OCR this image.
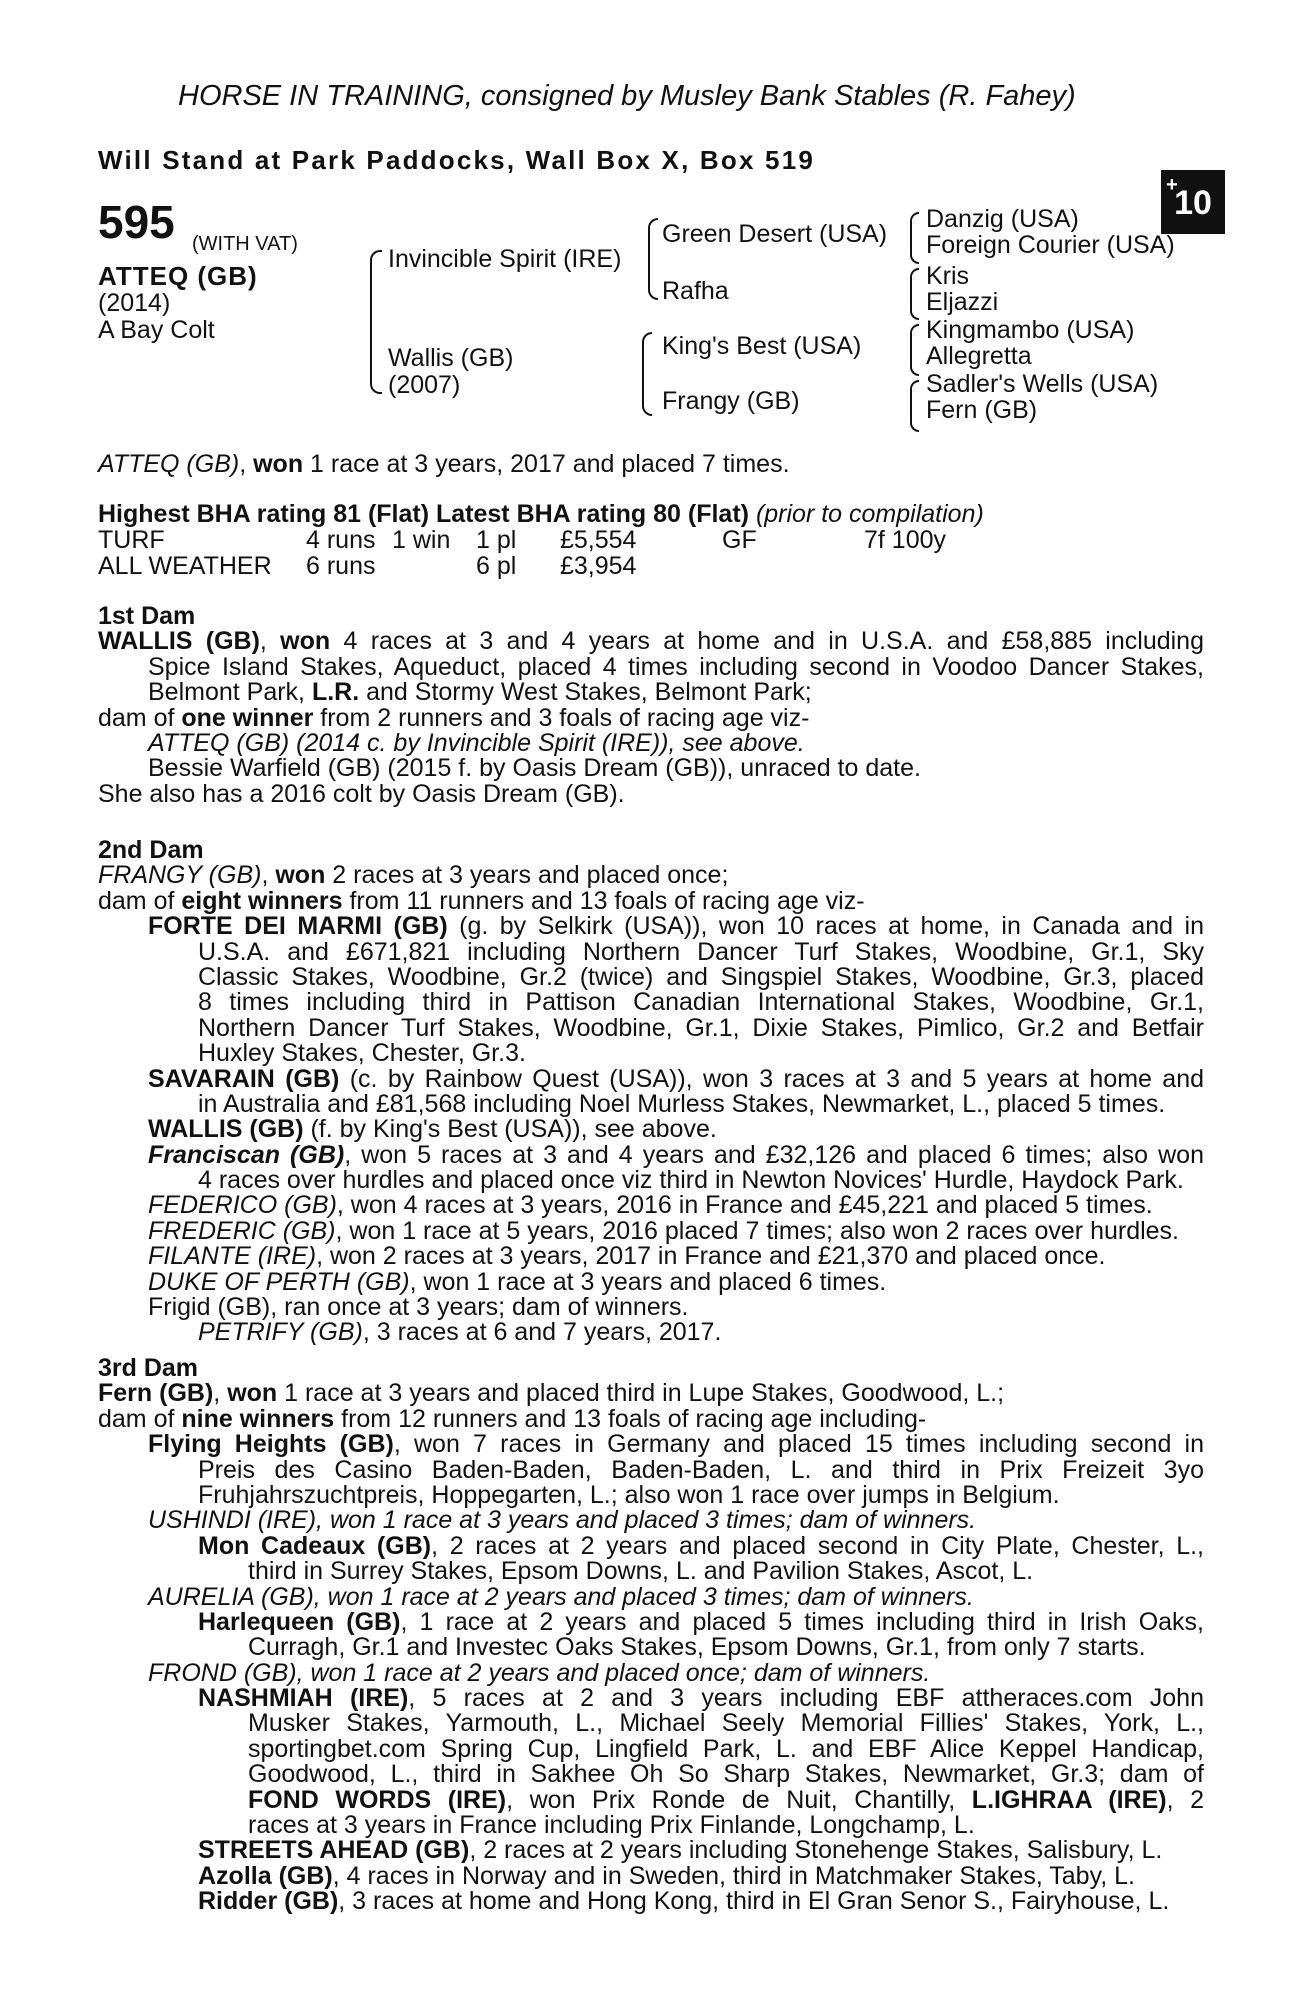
HORSE IN TRAINING, consigned by Musley Bank Stables (R. Fahey)
Will Stand at Park Paddocks, Wall Box X, Box 519
+
10
595 (WITH VAT)
ATTEQ (GB)
(2014)
A Bay Colt
Invincible Spirit (IRE)
Wallis (GB)
(2007)
Green Desert (USA)
Rafha
King's Best (USA)
Frangy (GB)
Danzig (USA)
Foreign Courier (USA)
Kris
Eljazzi
Kingmambo (USA)
Allegretta
Sadler's Wells (USA)
Fern (GB)
ATTEQ (GB), won 1 race at 3 years, 2017 and placed 7 times.
Highest BHA rating 81 (Flat) Latest BHA rating 80 (Flat) (prior to compilation)
TURF	4 runs 1 win 1 pl £5,554	GF	7f 100y
ALL WEATHER 6 runs	6 pl £3,954
1st Dam
WALLIS (GB), won 4 races at 3 and 4 years at home and in U.S.A. and £58,885 including
Spice Island Stakes, Aqueduct, placed 4 times including second in Voodoo Dancer Stakes,
Belmont Park, L.R. and Stormy West Stakes, Belmont Park;
dam of one winner from 2 runners and 3 foals of racing age viz-
ATTEQ (GB) (2014 c. by Invincible Spirit (IRE)), see above.
Bessie Warfield (GB) (2015 f. by Oasis Dream (GB)), unraced to date.
She also has a 2016 colt by Oasis Dream (GB).
2nd Dam
FRANGY (GB), won 2 races at 3 years and placed once;
dam of eight winners from 11 runners and 13 foals of racing age viz-
FORTE DEI MARMI (GB) (g. by Selkirk (USA)), won 10 races at home, in Canada and in
U.S.A. and £671,821 including Northern Dancer Turf Stakes, Woodbine, Gr.1, Sky
Classic Stakes, Woodbine, Gr.2 (twice) and Singspiel Stakes, Woodbine, Gr.3, placed
8 times including third in Pattison Canadian International Stakes, Woodbine, Gr.1,
Northern Dancer Turf Stakes, Woodbine, Gr.1, Dixie Stakes, Pimlico, Gr.2 and Betfair
Huxley Stakes, Chester, Gr.3.
SAVARAIN (GB) (c. by Rainbow Quest (USA)), won 3 races at 3 and 5 years at home and
in Australia and £81,568 including Noel Murless Stakes, Newmarket, L., placed 5 times.
WALLIS (GB) (f. by King's Best (USA)), see above.
Franciscan (GB), won 5 races at 3 and 4 years and £32,126 and placed 6 times; also won
4 races over hurdles and placed once viz third in Newton Novices' Hurdle, Haydock Park.
FEDERICO (GB), won 4 races at 3 years, 2016 in France and £45,221 and placed 5 times.
FREDERIC (GB), won 1 race at 5 years, 2016 placed 7 times; also won 2 races over hurdles.
FILANTE (IRE), won 2 races at 3 years, 2017 in France and £21,370 and placed once.
DUKE OF PERTH (GB), won 1 race at 3 years and placed 6 times.
Frigid (GB), ran once at 3 years; dam of winners.
PETRIFY (GB), 3 races at 6 and 7 years, 2017.
3rd Dam
Fern (GB), won 1 race at 3 years and placed third in Lupe Stakes, Goodwood, L.;
dam of nine winners from 12 runners and 13 foals of racing age including-
Flying Heights (GB), won 7 races in Germany and placed 15 times including second in
Preis des Casino Baden-Baden, Baden-Baden, L. and third in Prix Freizeit 3yo
Fruhjahrszuchtpreis, Hoppegarten, L.; also won 1 race over jumps in Belgium.
USHINDI (IRE), won 1 race at 3 years and placed 3 times; dam of winners.
Mon Cadeaux (GB), 2 races at 2 years and placed second in City Plate, Chester, L.,
third in Surrey Stakes, Epsom Downs, L. and Pavilion Stakes, Ascot, L.
AURELIA (GB), won 1 race at 2 years and placed 3 times; dam of winners.
Harlequeen (GB), 1 race at 2 years and placed 5 times including third in Irish Oaks,
Curragh, Gr.1 and Investec Oaks Stakes, Epsom Downs, Gr.1, from only 7 starts.
FROND (GB), won 1 race at 2 years and placed once; dam of winners.
NASHMIAH (IRE), 5 races at 2 and 3 years including EBF attheraces.com John
Musker Stakes, Yarmouth, L., Michael Seely Memorial Fillies' Stakes, York, L.,
sportingbet.com Spring Cup, Lingfield Park, L. and EBF Alice Keppel Handicap,
Goodwood, L., third in Sakhee Oh So Sharp Stakes, Newmarket, Gr.3; dam of
FOND WORDS (IRE), won Prix Ronde de Nuit, Chantilly, L.IGHRAA (IRE), 2
races at 3 years in France including Prix Finlande, Longchamp, L.
STREETS AHEAD (GB), 2 races at 2 years including Stonehenge Stakes, Salisbury, L.
Azolla (GB), 4 races in Norway and in Sweden, third in Matchmaker Stakes, Taby, L.
Ridder (GB), 3 races at home and Hong Kong, third in El Gran Senor S., Fairyhouse, L.
